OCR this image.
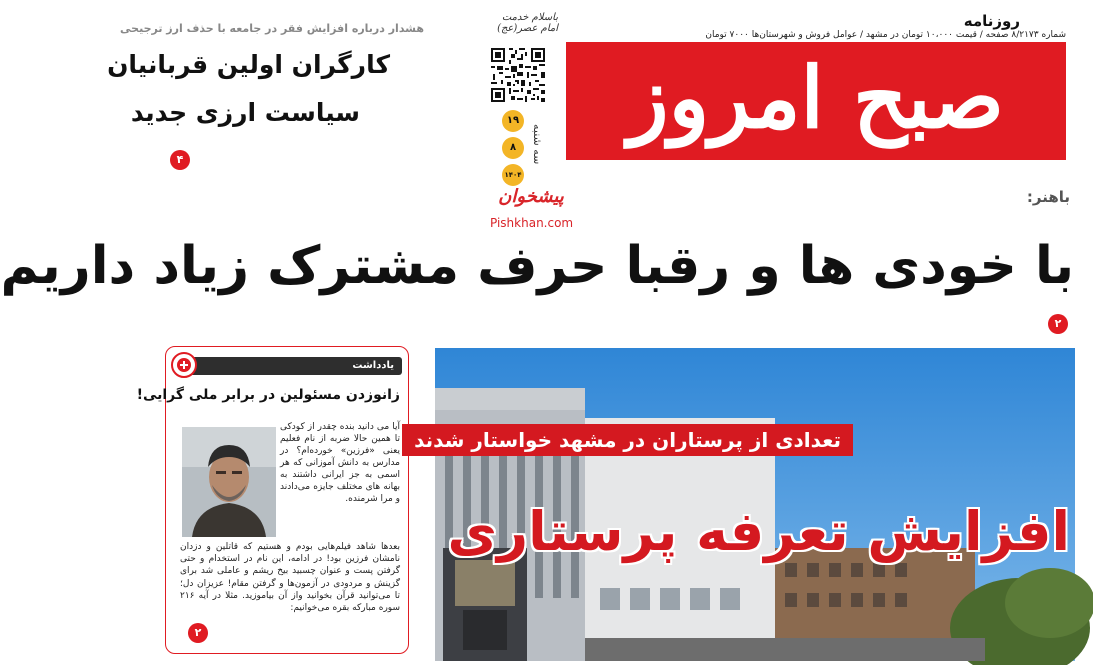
روزنامه
شماره ۸/۲۱۷۳ صفحه / قیمت ۱۰،۰۰۰ تومان در مشهد / عوامل فروش و شهرستان‌ها ۷۰۰۰ تومان
باسلام خدمت امام عصر(عج)
صبح امروز
۱۹
۸
۱۴۰۴
سه شنبه
پیشخوان
Pishkhan.com
هشدار درباره افزایش فقر در جامعه با حذف ارز ترجیحی
کارگران اولین قربانیان
سیاست ارزی جدید
۴
باهنر:
با خودی ها و رقبا حرف مشترک زیاد داریم
۲
یادداشت
زانوزدن مسئولین در برابر ملی گرایی!
آیا می دانید بنده چقدر از کودکی تا همین حالا ضربه از نام فعلیم یعنی «فرزین» خورده‌ام؟ در مدارس به دانش آموزانی که هر اسمی به جز ایرانی داشتند به بهانه های مختلف جایزه می‌دادند و مرا شرمنده.
بعدها شاهد فیلم‌هایی بودم و هستیم که قاتلین و دزدان نامشان فرزین بود! در ادامه، این نام در استخدام و حتی گرفتن پست و عنوان چسبید بیخ ریشم و عاملی شد برای گزینش و مردودی در آزمون‌ها و گرفتن مقام! عزیزان دل؛ تا می‌توانید قرآن بخوانید واز آن بیاموزید. مثلا در آیه ۲۱۶ سوره مبارکه بقره می‌خوانیم:
۲
تعدادی از پرستاران در مشهد خواستار شدند
افزایش تعرفه پرستاری
